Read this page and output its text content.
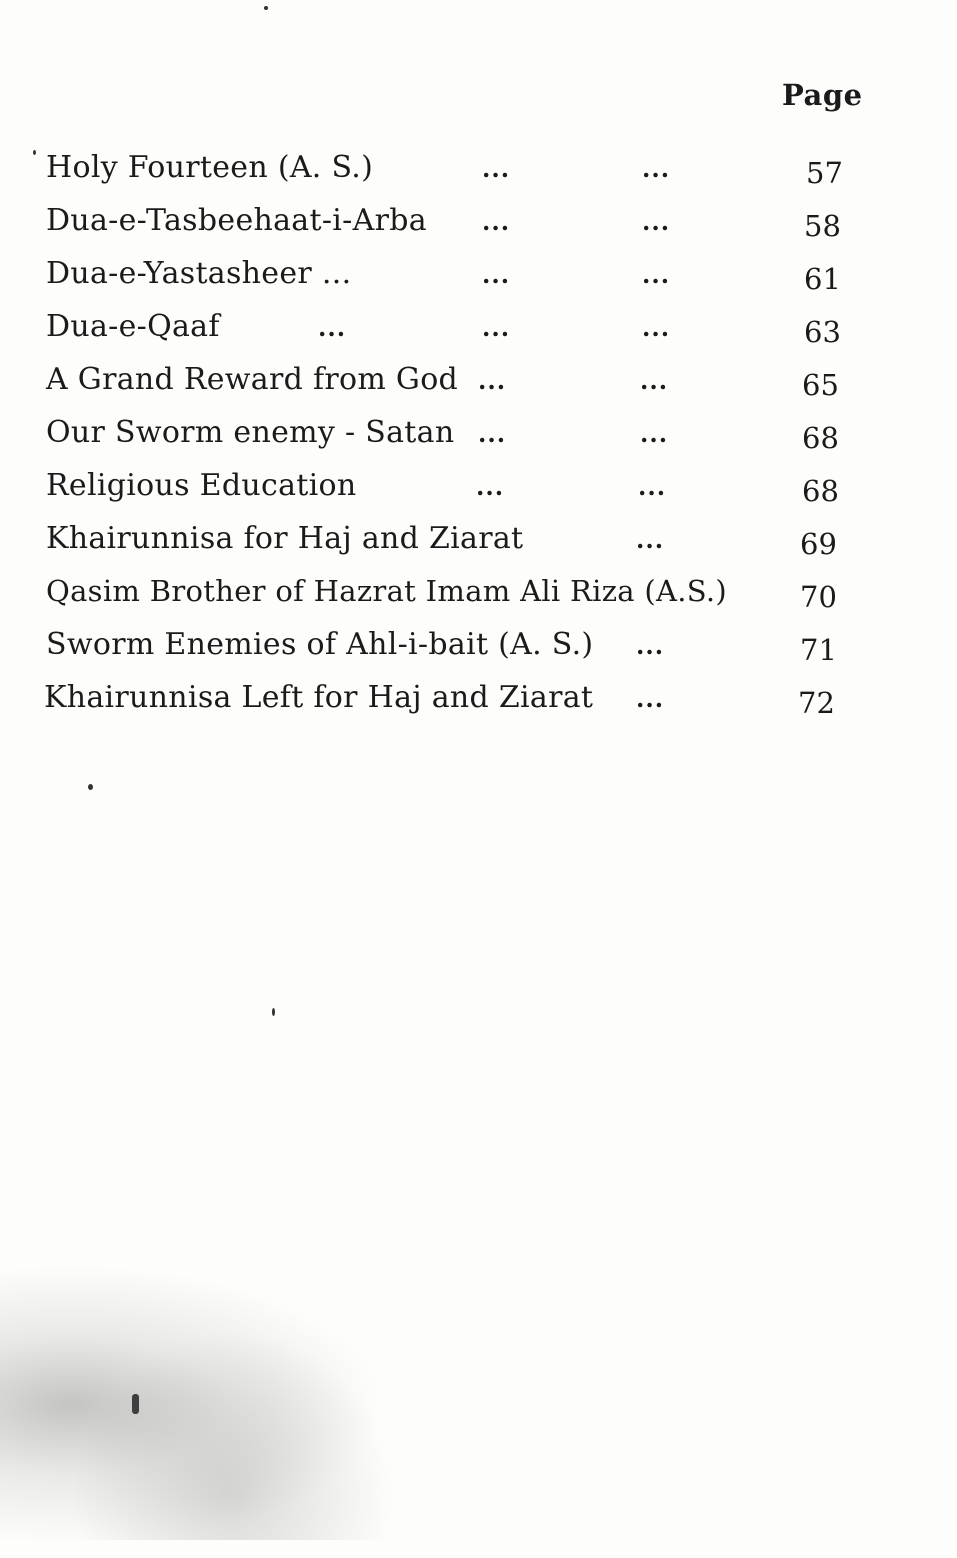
Page
Holy Fourteen (A. S.)	...	...	57
Dua-e-Tasbeehaat-i-Arba ...	...	58
Dua-e-Yastasheer ...	...	...	61
Dua-e-Qaaf	...	...	...	63
A Grand Reward from God ...	...	65
Our Sworm enemy - Satan ...	...	68
Religious Education	...	...	68
Khairunnisa for Haj and Ziarat	...	69
Qasim Brother of Hazrat Imam Ali Riza (A.S.)	70
Sworm Enemies of Ahl-i-bait (A. S.) ...	71
Khairunnisa Left for Haj and Ziarat ...	72
